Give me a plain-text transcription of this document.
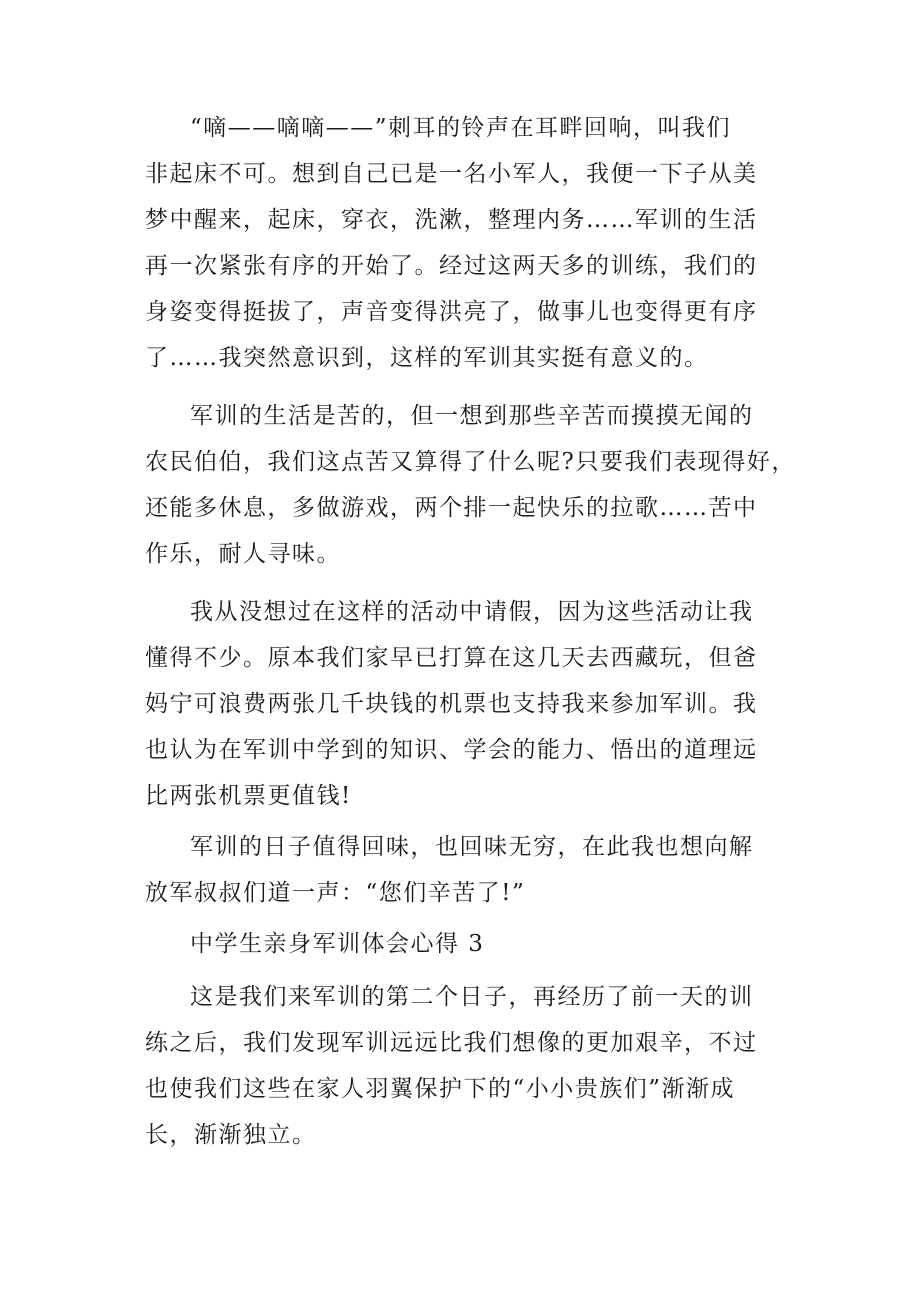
“嘀——嘀嘀——”刺耳的铃声在耳畔回响，叫我们
非起床不可。想到自己已是一名小军人，我便一下子从美
梦中醒来，起床，穿衣，洗漱，整理内务……军训的生活
再一次紧张有序的开始了。经过这两天多的训练，我们的
身姿变得挺拔了，声音变得洪亮了，做事儿也变得更有序
了……我突然意识到，这样的军训其实挺有意义的。
军训的生活是苦的，但一想到那些辛苦而摸摸无闻的
农民伯伯，我们这点苦又算得了什么呢?只要我们表现得好，
还能多休息，多做游戏，两个排一起快乐的拉歌……苦中
作乐，耐人寻味。
我从没想过在这样的活动中请假，因为这些活动让我
懂得不少。原本我们家早已打算在这几天去西藏玩，但爸
妈宁可浪费两张几千块钱的机票也支持我来参加军训。我
也认为在军训中学到的知识、学会的能力、悟出的道理远
比两张机票更值钱!
军训的日子值得回味，也回味无穷，在此我也想向解
放军叔叔们道一声：“您们辛苦了!”
中学生亲身军训体会心得 3
这是我们来军训的第二个日子，再经历了前一天的训
练之后，我们发现军训远远比我们想像的更加艰辛，不过
也使我们这些在家人羽翼保护下的“小小贵族们”渐渐成
长，渐渐独立。
